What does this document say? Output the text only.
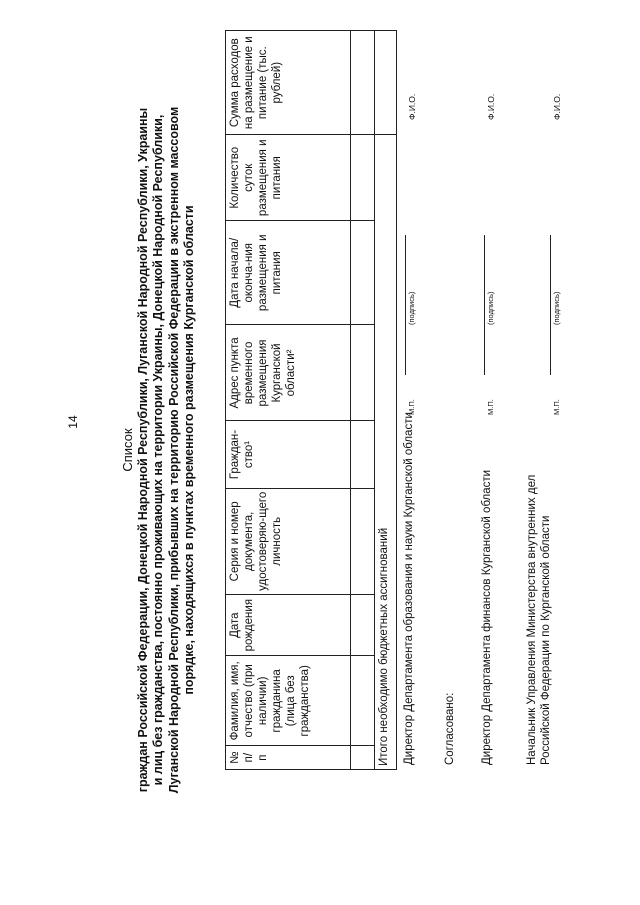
14
Список граждан Российской Федерации, Донецкой Народной Республики, Луганской Народной Республики, Украины и лиц без гражданства, постоянно проживающих на территории Украины, Донецкой Народной Республики, Луганской Народной Республики, прибывших на территорию Российской Федерации в экстренном массовом порядке, находящихся в пунктах временного размещения Курганской области
№ п/ п	Фамилия, имя, отчество (при наличии) гражданина (лица без гражданства)	Дата рождения	Серия и номер документа, удостоверяю-щего личность	Граждан-ство¹	Адрес пункта временного размещения Курганской области²	Дата начала/оконча-ния размещения и питания	Количество суток размещения и питания	Сумма расходов на размещение и питание (тыс. рублей)

Итого необходимо бюджетных ассигнований								Директор Департамента образования и науки Курганской области
М.П.
(подпись)
Ф.И.О.
Согласовано: Директор Департамента финансов Курганской области
М.П.
(подпись)
Ф.И.О.
Начальник Управления Министерства внутренних дел Российской Федерации по Курганской области
М.П.
(подпись)
Ф.И.О.
